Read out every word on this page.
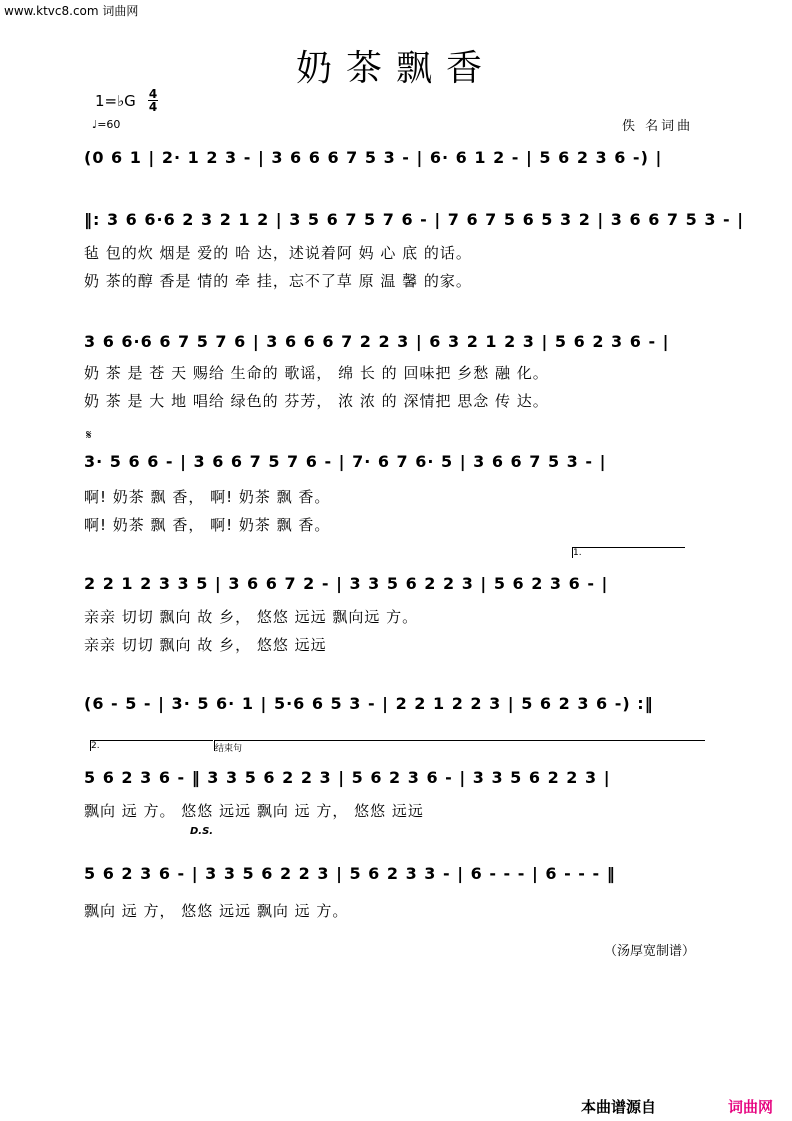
www.ktvc8.com 词曲网
奶茶飘香
1=♭G 4
4
♩=60	佚 名词曲
(0 6 1 | 2· 1 2 3 - | 3 6 6 6 7 5 3 - | 6· 6 1 2 - | 5 6 2 3 6 -) |
‖: 3 6 6·6 2 3 2 1 2 | 3 5 6 7 5 7 6 - | 7 6 7 5 6 5 3 2 | 3 6 6 7 5 3 - |
毡 包的炊 烟是 爱的 哈 达，述说着阿 妈 心 底 的话。
奶 茶的醇 香是 情的 牵 挂，忘不了草 原 温 馨 的家。
3 6 6·6 6 7 5 7 6 | 3 6 6 6 7 2 2 3 | 6 3 2 1 2 3 | 5 6 2 3 6 - |
奶 茶 是 苍 天 赐给 生命的 歌谣， 绵 长 的 回味把 乡愁 融 化。
奶 茶 是 大 地 唱给 绿色的 芬芳， 浓 浓 的 深情把 思念 传 达。
𝄋
3· 5 6 6 - | 3 6 6 7 5 7 6 - | 7· 6 7 6· 5 | 3 6 6 7 5 3 - |
啊! 奶茶 飘 香， 啊! 奶茶 飘 香。
啊! 奶茶 飘 香， 啊! 奶茶 飘 香。
1.
2 2 1 2 3 3 5 | 3 6 6 7 2 - | 3 3 5 6 2 2 3 | 5 6 2 3 6 - |
亲亲 切切 飘向 故 乡， 悠悠 远远 飘向远 方。
亲亲 切切 飘向 故 乡， 悠悠 远远
(6 - 5 - | 3· 5 6· 1 | 5·6 6 5 3 - | 2 2 1 2 2 3 | 5 6 2 3 6 -) :‖
2.	结束句
5 6 2 3 6 - ‖ 3 3 5 6 2 2 3 | 5 6 2 3 6 - | 3 3 5 6 2 2 3 |
飘向 远 方。 悠悠 远远 飘向 远 方， 悠悠 远远
D.S.
5 6 2 3 6 - | 3 3 5 6 2 2 3 | 5 6 2 3 3 - | 6 - - - | 6 - - - ‖
飘向 远 方， 悠悠 远远 飘向 远 方。
（汤厚宽制谱）
本曲谱源自	词曲网
